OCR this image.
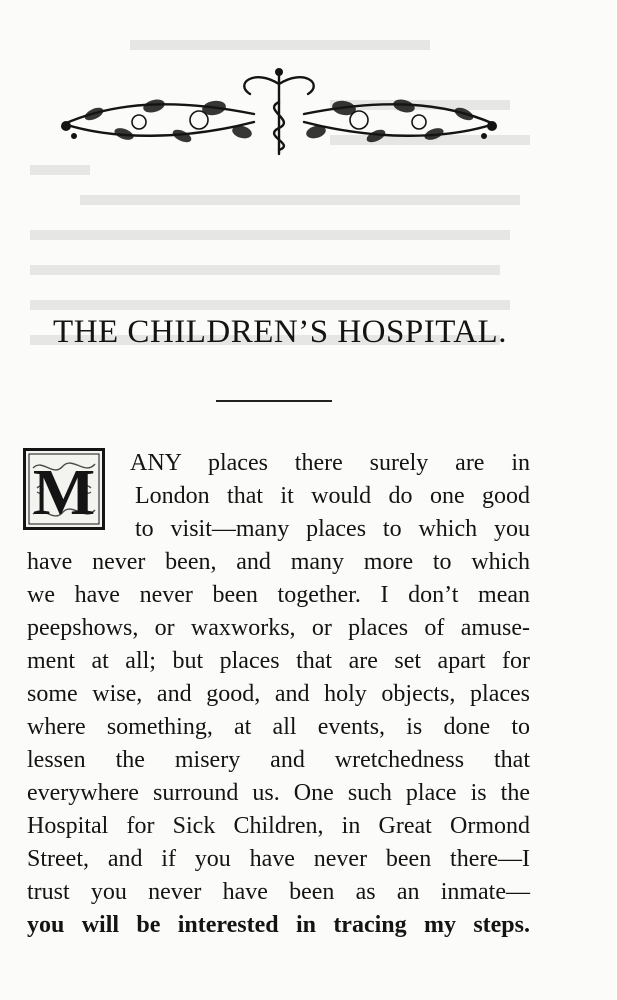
THE CHILDREN’S HOSPITAL.
M ANY places there surely are in
London that it would do one good
to visit—many places to which you
have never been, and many more to which
we have never been together. I don’t mean
peepshows, or waxworks, or places of amuse-
ment at all; but places that are set apart for
some wise, and good, and holy objects, places
where something, at all events, is done to
lessen the misery and wretchedness that
everywhere surround us. One such place is the
Hospital for Sick Children, in Great Ormond
Street, and if you have never been there—I
trust you never have been as an inmate—
you will be interested in tracing my steps.
